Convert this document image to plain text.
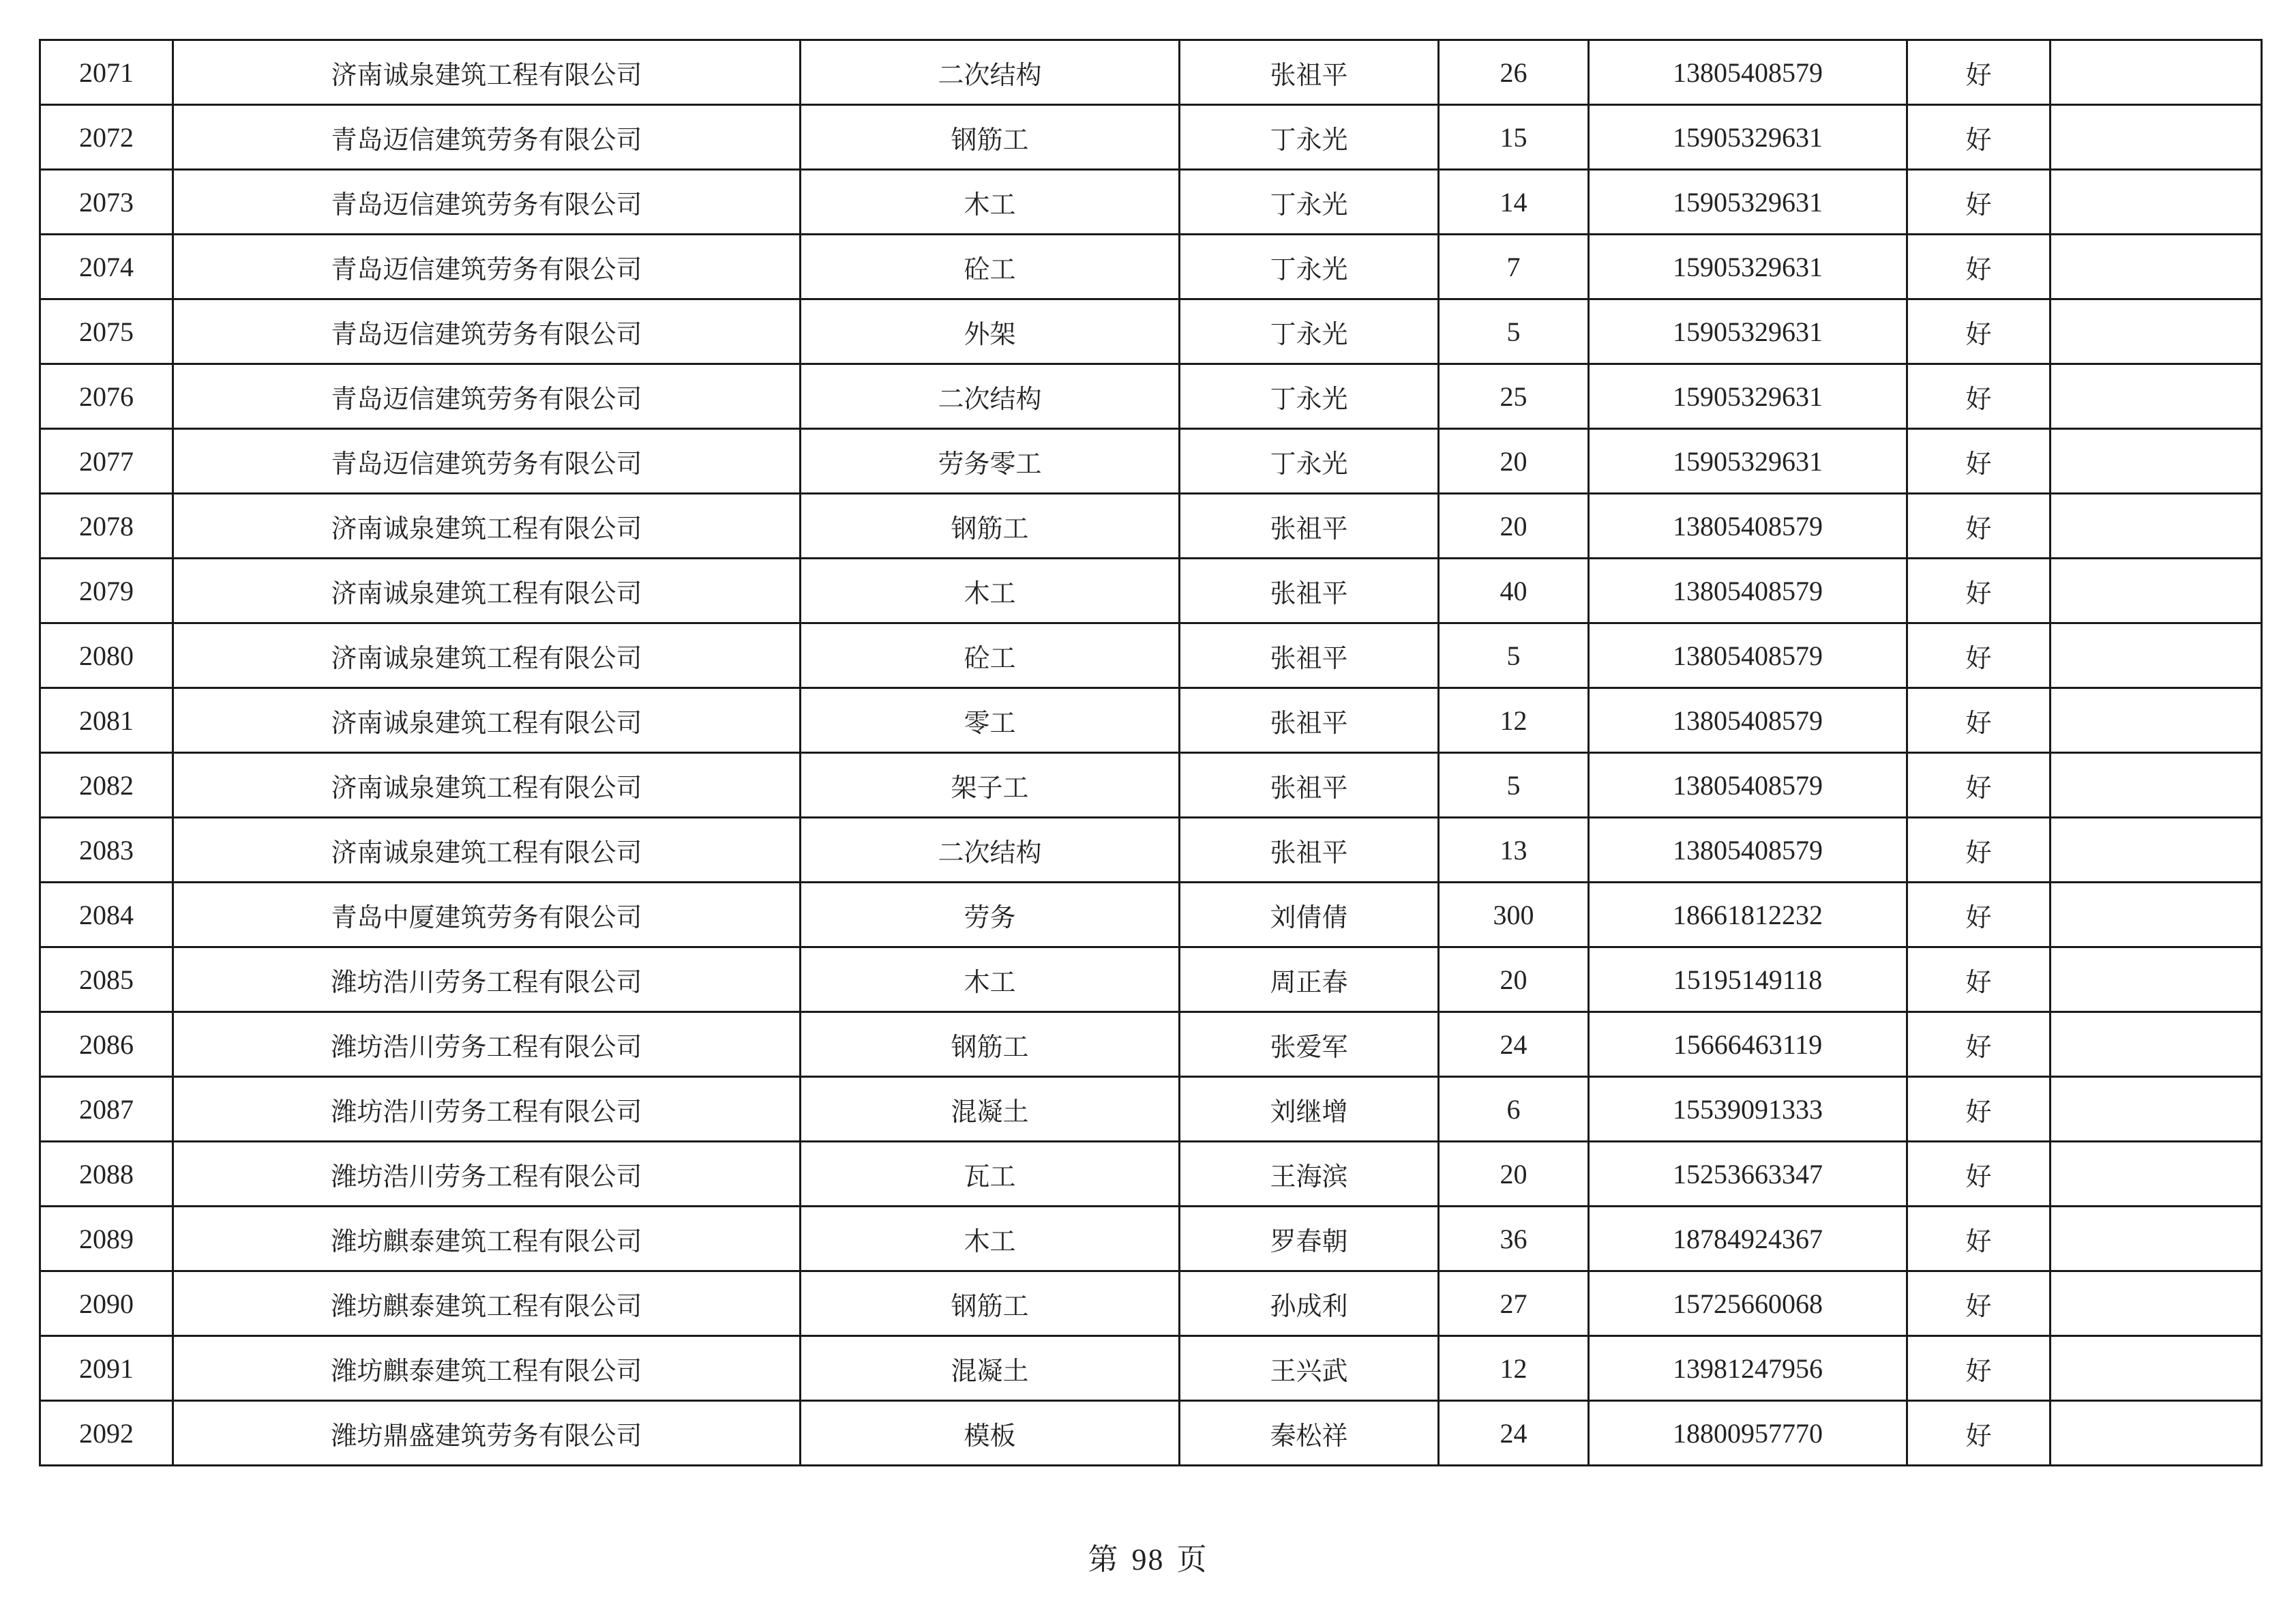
2071	济南诚泉建筑工程有限公司	二次结构	张祖平	26	13805408579	好	
2072	青岛迈信建筑劳务有限公司	钢筋工	丁永光	15	15905329631	好	
2073	青岛迈信建筑劳务有限公司	木工	丁永光	14	15905329631	好	
2074	青岛迈信建筑劳务有限公司	砼工	丁永光	7	15905329631	好	
2075	青岛迈信建筑劳务有限公司	外架	丁永光	5	15905329631	好	
2076	青岛迈信建筑劳务有限公司	二次结构	丁永光	25	15905329631	好	
2077	青岛迈信建筑劳务有限公司	劳务零工	丁永光	20	15905329631	好	
2078	济南诚泉建筑工程有限公司	钢筋工	张祖平	20	13805408579	好	
2079	济南诚泉建筑工程有限公司	木工	张祖平	40	13805408579	好	
2080	济南诚泉建筑工程有限公司	砼工	张祖平	5	13805408579	好	
2081	济南诚泉建筑工程有限公司	零工	张祖平	12	13805408579	好	
2082	济南诚泉建筑工程有限公司	架子工	张祖平	5	13805408579	好	
2083	济南诚泉建筑工程有限公司	二次结构	张祖平	13	13805408579	好	
2084	青岛中厦建筑劳务有限公司	劳务	刘倩倩	300	18661812232	好	
2085	潍坊浩川劳务工程有限公司	木工	周正春	20	15195149118	好	
2086	潍坊浩川劳务工程有限公司	钢筋工	张爱军	24	15666463119	好	
2087	潍坊浩川劳务工程有限公司	混凝土	刘继增	6	15539091333	好	
2088	潍坊浩川劳务工程有限公司	瓦工	王海滨	20	15253663347	好	
2089	潍坊麒泰建筑工程有限公司	木工	罗春朝	36	18784924367	好	
2090	潍坊麒泰建筑工程有限公司	钢筋工	孙成利	27	15725660068	好	
2091	潍坊麒泰建筑工程有限公司	混凝土	王兴武	12	13981247956	好	
2092	潍坊鼎盛建筑劳务有限公司	模板	秦松祥	24	18800957770	好	
第 98 页
